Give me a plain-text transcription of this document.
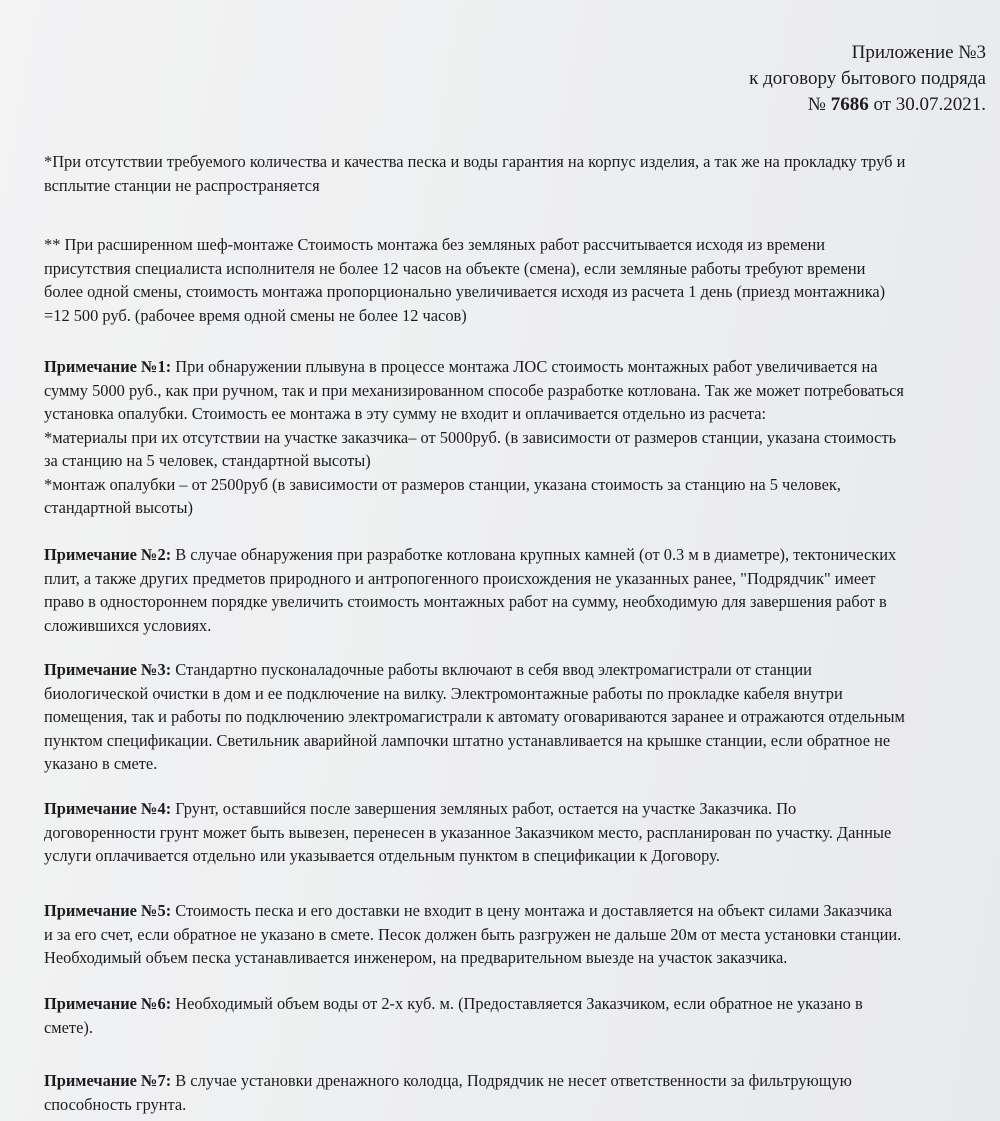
Приложение №3
к договору бытового подряда
№ 7686 от 30.07.2021.

*При отсутствии требуемого количества и качества песка и воды гарантия на корпус изделия, а так же на прокладку труб и
всплытие станции не распространяется

** При расширенном шеф-монтаже Стоимость монтажа без земляных работ рассчитывается исходя из времени
присутствия специалиста исполнителя не более 12 часов на объекте (смена), если земляные работы требуют времени
более одной смены, стоимость монтажа пропорционально увеличивается исходя из расчета 1 день (приезд монтажника)
=12 500 руб. (рабочее время одной смены не более 12 часов)

Примечание №1: При обнаружении плывуна в процессе монтажа ЛОС стоимость монтажных работ увеличивается на
сумму 5000 руб., как при ручном, так и при механизированном способе разработке котлована. Так же может потребоваться
установка опалубки. Стоимость ее монтажа в эту сумму не входит и оплачивается отдельно из расчета:
*материалы при их отсутствии на участке заказчика– от 5000руб. (в зависимости от размеров станции, указана стоимость
за станцию на 5 человек, стандартной высоты)
*монтаж опалубки – от 2500руб (в зависимости от размеров станции, указана стоимость за станцию на 5 человек,
стандартной высоты)

Примечание №2: В случае обнаружения при разработке котлована крупных камней (от 0.3 м в диаметре), тектонических
плит, а также других предметов природного и антропогенного происхождения не указанных ранее, "Подрядчик" имеет
право в одностороннем порядке увеличить стоимость монтажных работ на сумму, необходимую для завершения работ в
сложившихся условиях.

Примечание №3: Стандартно пусконаладочные работы включают в себя ввод электромагистрали от станции
биологической очистки в дом и ее подключение на вилку. Электромонтажные работы по прокладке кабеля внутри
помещения, так и работы по подключению электромагистрали к автомату оговариваются заранее и отражаются отдельным
пунктом спецификации. Светильник аварийной лампочки штатно устанавливается на крышке станции, если обратное не
указано в смете.

Примечание №4: Грунт, оставшийся после завершения земляных работ, остается на участке Заказчика. По
договоренности грунт может быть вывезен, перенесен в указанное Заказчиком место, распланирован по участку. Данные
услуги оплачивается отдельно или указывается отдельным пунктом в спецификации к Договору.

Примечание №5: Стоимость песка и его доставки не входит в цену монтажа и доставляется на объект силами Заказчика
и за его счет, если обратное не указано в смете. Песок должен быть разгружен не дальше 20м от места установки станции.
Необходимый объем песка устанавливается инженером, на предварительном выезде на участок заказчика.

Примечание №6: Необходимый объем воды от 2-х куб. м. (Предоставляется Заказчиком, если обратное не указано в
смете).

Примечание №7: В случае установки дренажного колодца, Подрядчик не несет ответственности за фильтрующую
способность грунта.
